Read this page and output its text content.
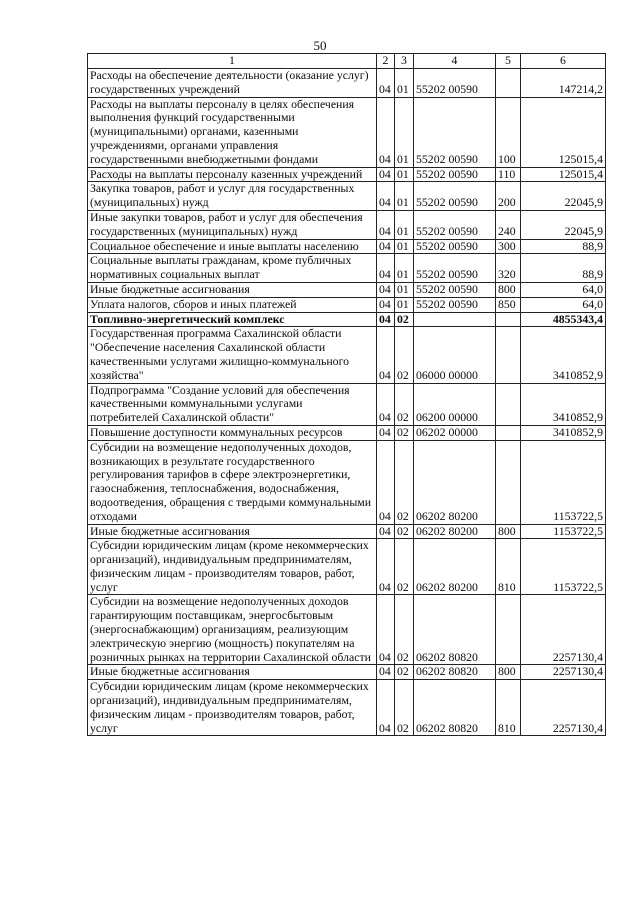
50
1	2	3	4	5	6
Расходы на обеспечение деятельности (оказание услуг) государственных учреждений	04	01	55202 00590		147214,2
Расходы на выплаты персоналу в целях обеспечения выполнения функций государственными (муниципальными) органами, казенными учреждениями, органами управления государственными внебюджетными фондами	04	01	55202 00590	100	125015,4
Расходы на выплаты персоналу казенных учреждений	04	01	55202 00590	110	125015,4
Закупка товаров, работ и услуг для государственных (муниципальных) нужд	04	01	55202 00590	200	22045,9
Иные закупки товаров, работ и услуг для обеспечения государственных (муниципальных) нужд	04	01	55202 00590	240	22045,9
Социальное обеспечение и иные выплаты населению	04	01	55202 00590	300	88,9
Социальные выплаты гражданам, кроме публичных нормативных социальных выплат	04	01	55202 00590	320	88,9
Иные бюджетные ассигнования	04	01	55202 00590	800	64,0
Уплата налогов, сборов и иных платежей	04	01	55202 00590	850	64,0
Топливно-энергетический комплекс	04	02			4855343,4
Государственная программа Сахалинской области "Обеспечение населения Сахалинской области качественными услугами жилищно-коммунального хозяйства"	04	02	06000 00000		3410852,9
Подпрограмма "Создание условий для обеспечения качественными коммунальными услугами потребителей Сахалинской области"	04	02	06200 00000		3410852,9
Повышение доступности коммунальных ресурсов	04	02	06202 00000		3410852,9
Субсидии на возмещение недополученных доходов, возникающих в результате государственного регулирования тарифов в сфере электроэнергетики, газоснабжения, теплоснабжения, водоснабжения, водоотведения, обращения с твердыми коммунальными отходами	04	02	06202 80200		1153722,5
Иные бюджетные ассигнования	04	02	06202 80200	800	1153722,5
Субсидии юридическим лицам (кроме некоммерческих организаций), индивидуальным предпринимателям, физическим лицам - производителям товаров, работ, услуг	04	02	06202 80200	810	1153722,5
Субсидии на возмещение недополученных доходов гарантирующим поставщикам, энергосбытовым (энергоснабжающим) организациям, реализующим электрическую энергию (мощность) покупателям на розничных рынках на территории Сахалинской области	04	02	06202 80820		2257130,4
Иные бюджетные ассигнования	04	02	06202 80820	800	2257130,4
Субсидии юридическим лицам (кроме некоммерческих организаций), индивидуальным предпринимателям, физическим лицам - производителям товаров, работ, услуг	04	02	06202 80820	810	2257130,4
